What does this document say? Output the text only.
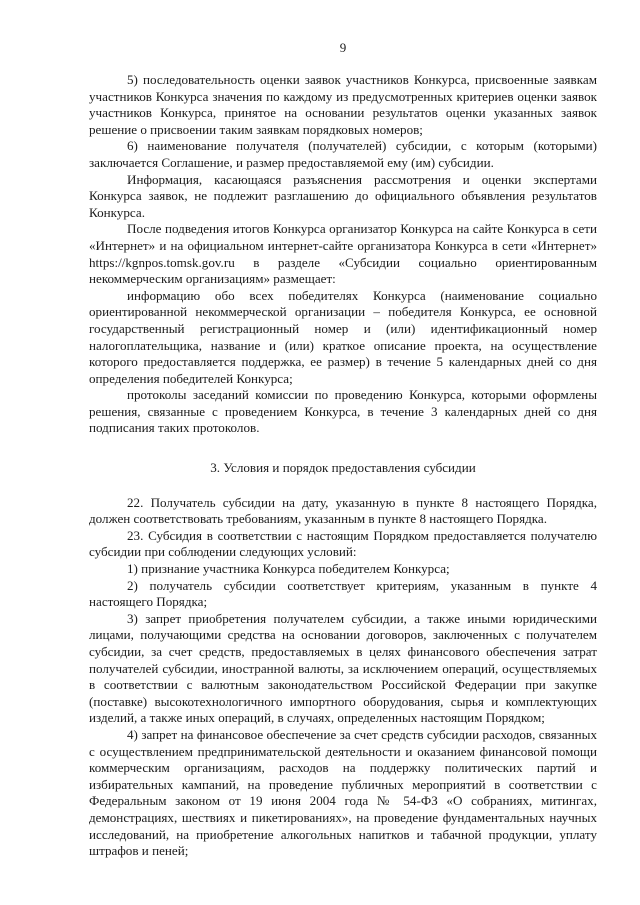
9

5) последовательность оценки заявок участников Конкурса, присвоенные заявкам участников Конкурса значения по каждому из предусмотренных критериев оценки заявок участников Конкурса, принятое на основании результатов оценки указанных заявок решение о присвоении таким заявкам порядковых номеров;

6) наименование получателя (получателей) субсидии, с которым (которыми) заключается Соглашение, и размер предоставляемой ему (им) субсидии.

Информация, касающаяся разъяснения рассмотрения и оценки экспертами Конкурса заявок, не подлежит разглашению до официального объявления результатов Конкурса.

После подведения итогов Конкурса организатор Конкурса на сайте Конкурса в сети «Интернет» и на официальном интернет-сайте организатора Конкурса в сети «Интернет» https://kgnpos.tomsk.gov.ru в разделе «Субсидии социально ориентированным некоммерческим организациям» размещает:

информацию обо всех победителях Конкурса (наименование социально ориентированной некоммерческой организации – победителя Конкурса, ее основной государственный регистрационный номер и (или) идентификационный номер налогоплательщика, название и (или) краткое описание проекта, на осуществление которого предоставляется поддержка, ее размер) в течение 5 календарных дней со дня определения победителей Конкурса;

протоколы заседаний комиссии по проведению Конкурса, которыми оформлены решения, связанные с проведением Конкурса, в течение 3 календарных дней со дня подписания таких протоколов.

3. Условия и порядок предоставления субсидии

22. Получатель субсидии на дату, указанную в пункте 8 настоящего Порядка, должен соответствовать требованиям, указанным в пункте 8 настоящего Порядка.

23. Субсидия в соответствии с настоящим Порядком предоставляется получателю субсидии при соблюдении следующих условий:

1) признание участника Конкурса победителем Конкурса;

2) получатель субсидии соответствует критериям, указанным в пункте 4 настоящего Порядка;

3) запрет приобретения получателем субсидии, а также иными юридическими лицами, получающими средства на основании договоров, заключенных с получателем субсидии, за счет средств, предоставляемых в целях финансового обеспечения затрат получателей субсидии, иностранной валюты, за исключением операций, осуществляемых в соответствии с валютным законодательством Российской Федерации при закупке (поставке) высокотехнологичного импортного оборудования, сырья и комплектующих изделий, а также иных операций, в случаях, определенных настоящим Порядком;

4) запрет на финансовое обеспечение за счет средств субсидии расходов, связанных с осуществлением предпринимательской деятельности и оказанием финансовой помощи коммерческим организациям, расходов на поддержку политических партий и избирательных кампаний, на проведение публичных мероприятий в соответствии с Федеральным законом от 19 июня 2004 года № 54-ФЗ «О собраниях, митингах, демонстрациях, шествиях и пикетированиях», на проведение фундаментальных научных исследований, на приобретение алкогольных напитков и табачной продукции, уплату штрафов и пеней;
